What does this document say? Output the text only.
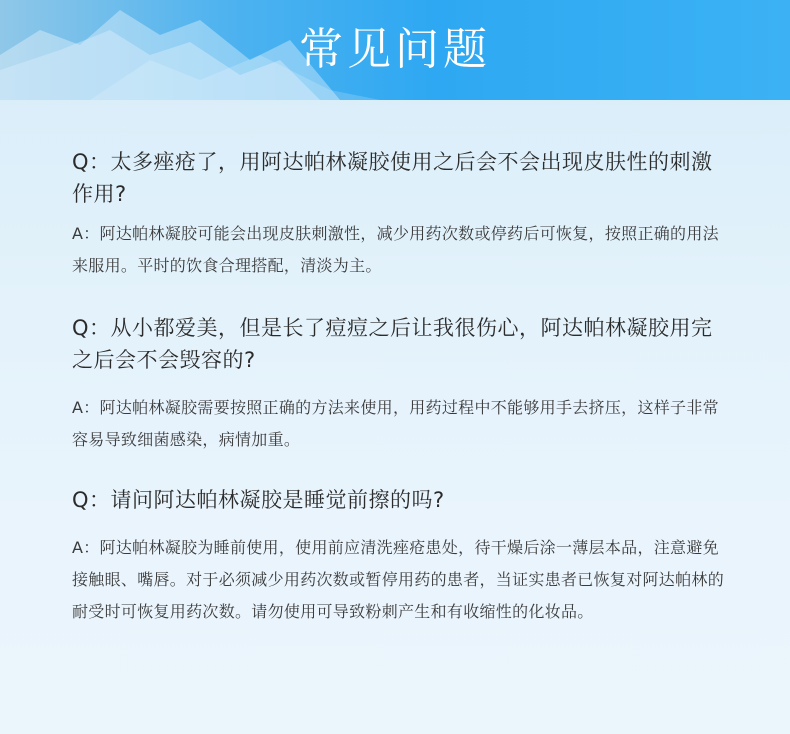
常见问题

Q：太多痤疮了，用阿达帕林凝胶使用之后会不会出现皮肤性的刺激作用?

A：阿达帕林凝胶可能会出现皮肤刺激性，减少用药次数或停药后可恢复，按照正确的用法来服用。平时的饮食合理搭配，清淡为主。

Q：从小都爱美，但是长了痘痘之后让我很伤心，阿达帕林凝胶用完之后会不会毁容的?

A：阿达帕林凝胶需要按照正确的方法来使用，用药过程中不能够用手去挤压，这样子非常容易导致细菌感染，病情加重。

Q：请问阿达帕林凝胶是睡觉前擦的吗?

A：阿达帕林凝胶为睡前使用，使用前应清洗痤疮患处，待干燥后涂一薄层本品，注意避免接触眼、嘴唇。对于必须减少用药次数或暂停用药的患者，当证实患者已恢复对阿达帕林的耐受时可恢复用药次数。请勿使用可导致粉刺产生和有收缩性的化妆品。
